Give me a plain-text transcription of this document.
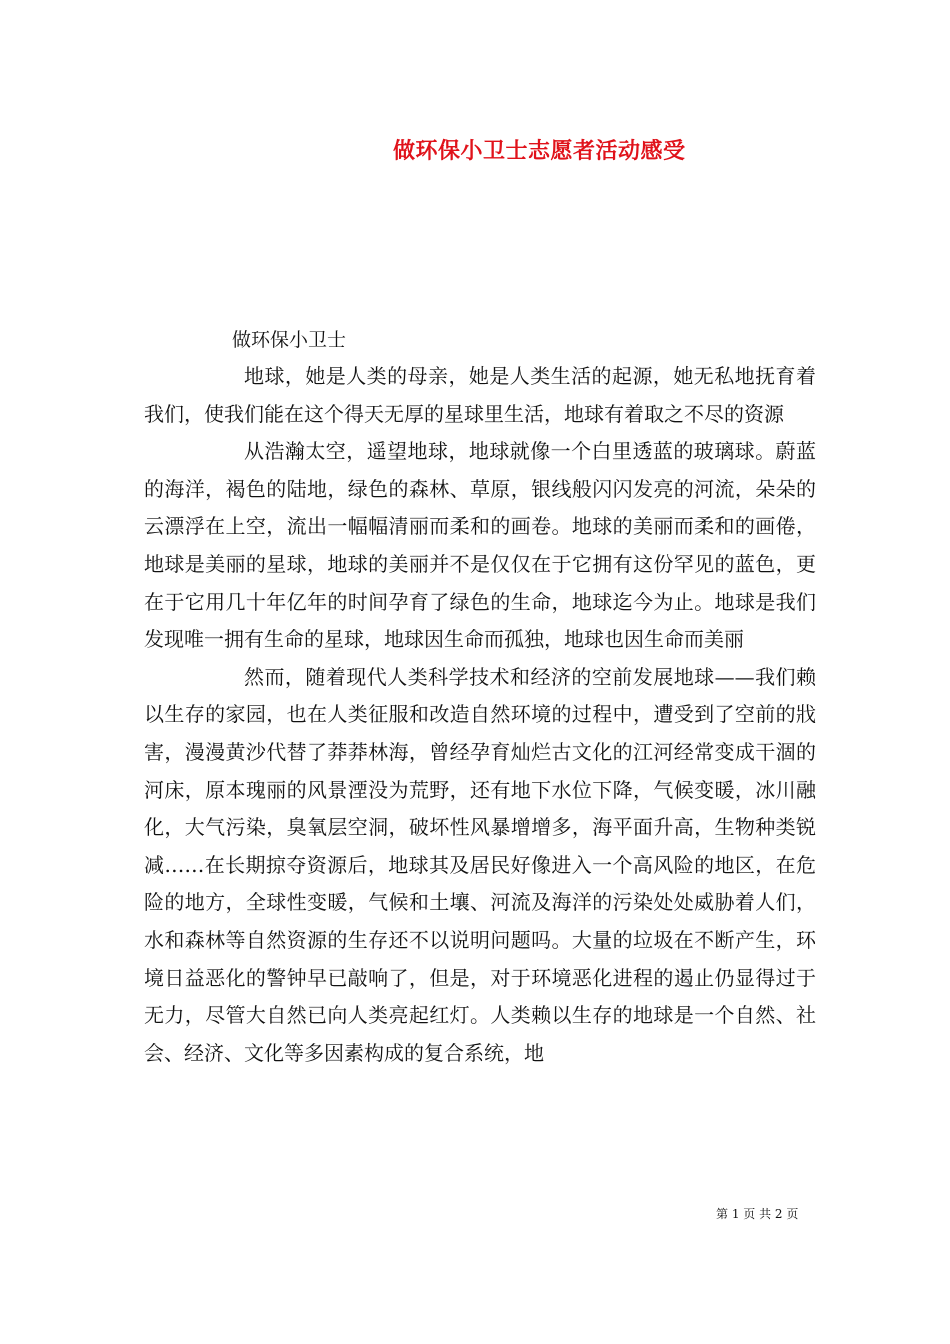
做环保小卫士志愿者活动感受

做环保小卫士

地球，她是人类的母亲，她是人类生活的起源，她无私地抚育着我们，使我们能在这个得天无厚的星球里生活，地球有着取之不尽的资源

从浩瀚太空，遥望地球，地球就像一个白里透蓝的玻璃球。蔚蓝的海洋，褐色的陆地，绿色的森林、草原，银线般闪闪发亮的河流，朵朵的云漂浮在上空，流出一幅幅清丽而柔和的画卷。地球的美丽而柔和的画倦，地球是美丽的星球，地球的美丽并不是仅仅在于它拥有这份罕见的蓝色，更在于它用几十年亿年的时间孕育了绿色的生命，地球迄今为止。地球是我们发现唯一拥有生命的星球，地球因生命而孤独，地球也因生命而美丽

然而，随着现代人类科学技术和经济的空前发展地球——我们赖以生存的家园，也在人类征服和改造自然环境的过程中，遭受到了空前的戕害，漫漫黄沙代替了莽莽林海，曾经孕育灿烂古文化的江河经常变成干涸的河床，原本瑰丽的风景湮没为荒野，还有地下水位下降，气候变暖，冰川融化，大气污染，臭氧层空洞，破坏性风暴增增多，海平面升高，生物种类锐减……在长期掠夺资源后，地球其及居民好像进入一个高风险的地区，在危险的地方，全球性变暖，气候和土壤、河流及海洋的污染处处威胁着人们，水和森林等自然资源的生存还不以说明问题吗。大量的垃圾在不断产生，环境日益恶化的警钟早已敲响了，但是，对于环境恶化进程的遏止仍显得过于无力，尽管大自然已向人类亮起红灯。人类赖以生存的地球是一个自然、社会、经济、文化等多因素构成的复合系统，地

第 1 页 共 2 页
